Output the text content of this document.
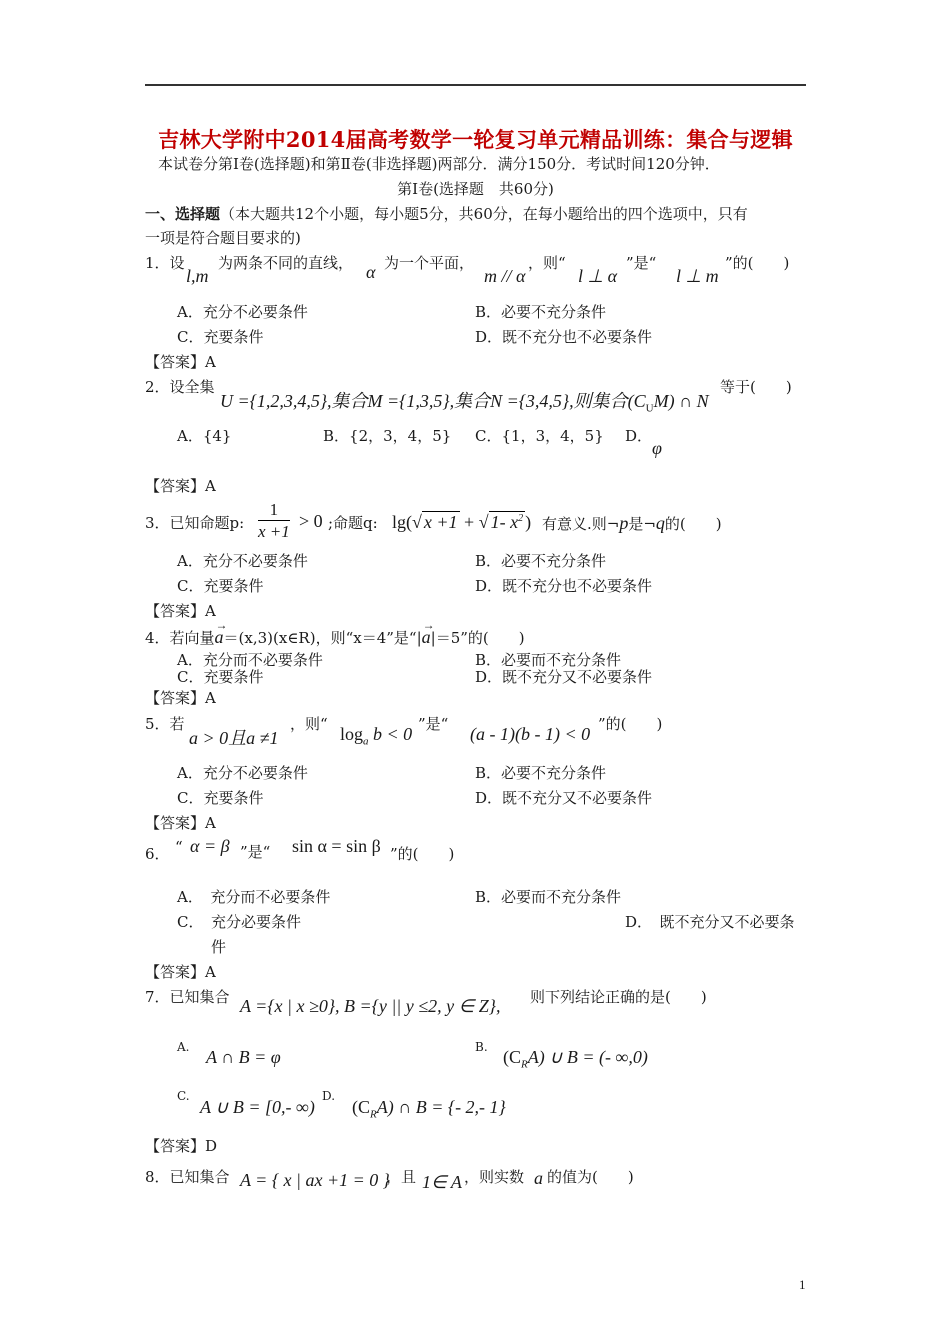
吉林大学附中2014届高考数学一轮复习单元精品训练：集合与逻辑
本试卷分第Ⅰ卷(选择题)和第Ⅱ卷(非选择题)两部分．满分150分．考试时间120分钟．
第Ⅰ卷(选择题　共60分)
一、选择题（本大题共12个小题，每小题5分，共60分，在每小题给出的四个选项中，只有
一项是符合题目要求的)
1．设
l,m
为两条不同的直线， α 为一个平面，
m // α
，则“
l ⊥ α
”是“
l ⊥ m
”的(　　)
A．充分不必要条件	B．必要不充分条件
C．充要条件	D．既不充分也不必要条件
【答案】A
2．设全集
U ={1,2,3,4,5},集合M ={1,3,5},集合N ={3,4,5},则集合$(C_UM)$ ∩ N
等于(　　)
A．{4}	B．{2，3，4，5} C．{1，3，4，5} D．
φ
【答案】A
3．已知命题p: $\frac{1}{x +1} > 0$ ;命题q: lg(√ x +1 + √ 1- $x^2$ ) 有意义.则¬p是¬q的(　　)
A．充分不必要条件	B．必要不充分条件
C．充要条件	D．既不充分也不必要条件
【答案】A
4．若向量
→
a＝(x,3)(x∈R)，则“x＝4”是“|
→
a|＝5”的(　　)
A．充分而不必要条件	B．必要而不充分条件
C．充要条件	D．既不充分又不必要条件
【答案】A
5．若
a > 0且a ≠1
，则“ $\log_a b < 0$ ”是“ (a - 1)(b - 1) < 0 ”的(　　)
A．充分不必要条件	B．必要不充分条件
C．充要条件	D．既不充分又不必要条件
【答案】A
6． “ α = β ”是“ sin α = sin β ”的(　　)
A．　充分而不必要条件	B．必要而不充分条件
C．　充分必要条件	D．　既不充分又不必要条
件
【答案】A
7．已知集合 A ={x | x ≥0}, B ={y || y ≤2, y ∈ Z}, 则下列结论正确的是(　　)
A. A ∩ B = φ	B. $(C_RA)$ ∪ B = (- ∞,0)
C.
A ∪ B = [0,- ∞)
D.
$(C_RA)$ ∩ B = {- 2,- 1}
【答案】D
8．已知集合 A = { x | ax +1 = 0 }
，且 1∈ A ，则实数 a 的值为(　　)
1
